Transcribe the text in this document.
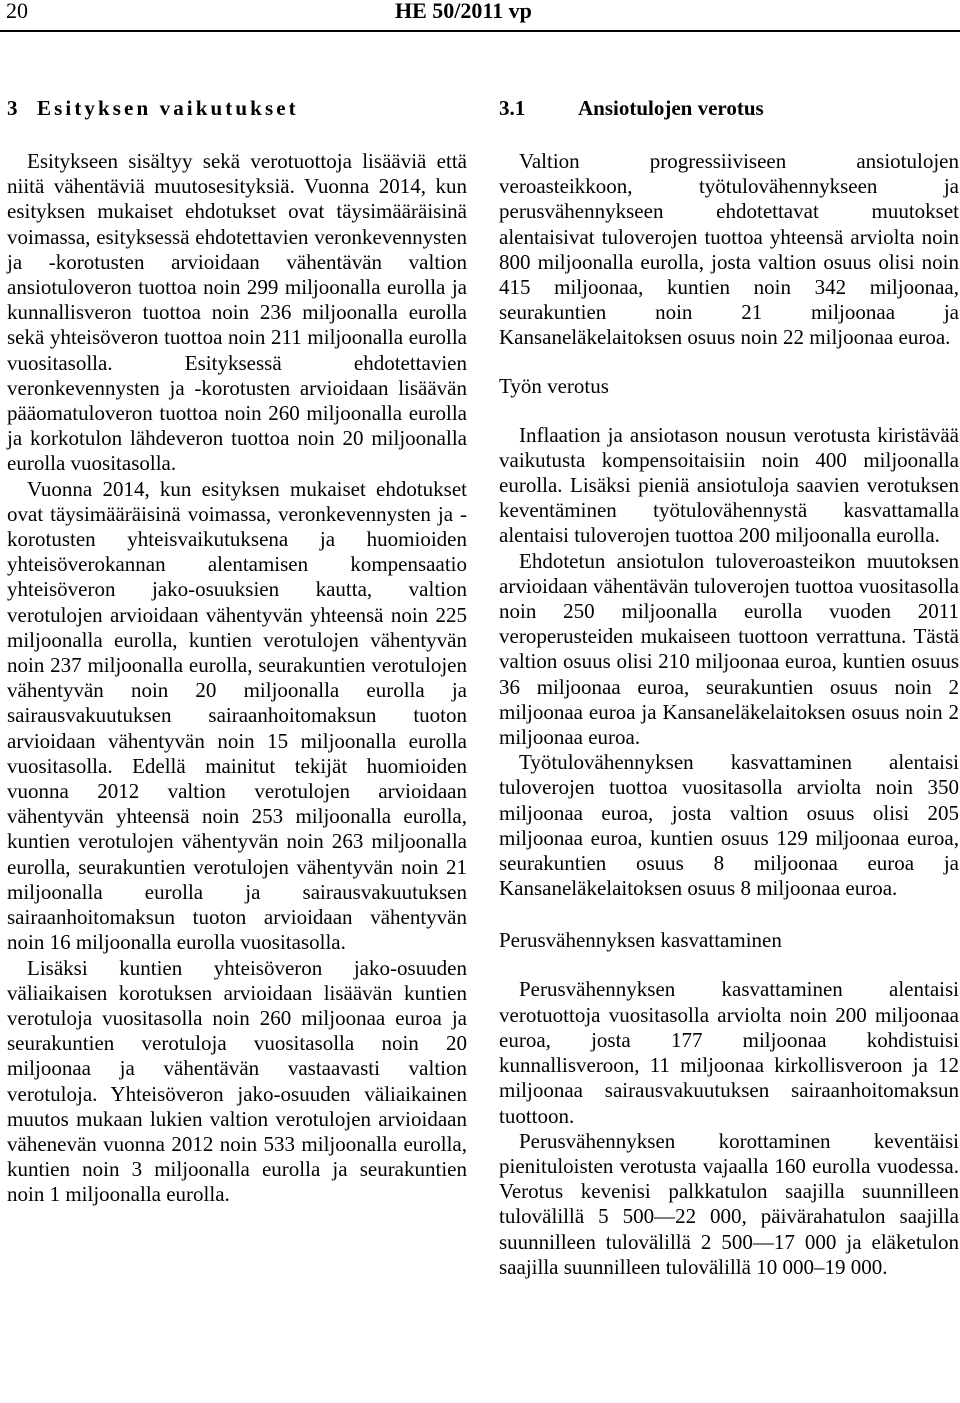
20	HE 50/2011 vp
3 Esityksen vaikutukset

Esitykseen sisältyy sekä verotuottoja lisääviä että niitä vähentäviä muutosesityksiä. Vuonna 2014, kun esityksen mukaiset ehdotukset ovat täysimääräisinä voimassa, esityksessä ehdotettavien veronkevennysten ja -korotusten arvioidaan vähentävän valtion ansiotuloveron tuottoa noin 299 miljoonalla eurolla ja kunnallisveron tuottoa noin 236 miljoonalla eurolla sekä yhteisöveron tuottoa noin 211 miljoonalla eurolla vuositasolla. Esityksessä ehdotettavien veronkevennysten ja -korotusten arvioidaan lisäävän pääomatuloveron tuottoa noin 260 miljoonalla eurolla ja korkotulon lähdeveron tuottoa noin 20 miljoonalla eurolla vuositasolla.

Vuonna 2014, kun esityksen mukaiset ehdotukset ovat täysimääräisinä voimassa, veronkevennysten ja -korotusten yhteisvaikutuksena ja huomioiden yhteisöverokannan alentamisen kompensaatio yhteisöveron jako-osuuksien kautta, valtion verotulojen arvioidaan vähentyvän yhteensä noin 225 miljoonalla eurolla, kuntien verotulojen vähentyvän noin 237 miljoonalla eurolla, seurakuntien verotulojen vähentyvän noin 20 miljoonalla eurolla ja sairausvakuutuksen sairaanhoitomaksun tuoton arvioidaan vähentyvän noin 15 miljoonalla eurolla vuositasolla. Edellä mainitut tekijät huomioiden vuonna 2012 valtion verotulojen arvioidaan vähentyvän yhteensä noin 253 miljoonalla eurolla, kuntien verotulojen vähentyvän noin 263 miljoonalla eurolla, seurakuntien verotulojen vähentyvän noin 21 miljoonalla eurolla ja sairausvakuutuksen sairaanhoitomaksun tuoton arvioidaan vähentyvän noin 16 miljoonalla eurolla vuositasolla.

Lisäksi kuntien yhteisöveron jako-osuuden väliaikaisen korotuksen arvioidaan lisäävän kuntien verotuloja vuositasolla noin 260 miljoonaa euroa ja seurakuntien verotuloja vuositasolla noin 20 miljoonaa ja vähentävän vastaavasti valtion verotuloja. Yhteisöveron jako-osuuden väliaikainen muutos mukaan lukien valtion verotulojen arvioidaan vähenevän vuonna 2012 noin 533 miljoonalla eurolla, kuntien noin 3 miljoonalla eurolla ja seurakuntien noin 1 miljoonalla eurolla.

3.1	Ansiotulojen verotus

Valtion progressiiviseen ansiotulojen veroasteikkoon, työtulovähennykseen ja perusvähennykseen ehdotettavat muutokset alentaisivat tuloverojen tuottoa yhteensä arviolta noin 800 miljoonalla eurolla, josta valtion osuus olisi noin 415 miljoonaa, kuntien noin 342 miljoonaa, seurakuntien noin 21 miljoonaa ja Kansaneläkelaitoksen osuus noin 22 miljoonaa euroa.

Työn verotus

Inflaation ja ansiotason nousun verotusta kiristävää vaikutusta kompensoitaisiin noin 400 miljoonalla eurolla. Lisäksi pieniä ansiotuloja saavien verotuksen keventäminen työtulovähennystä kasvattamalla alentaisi tuloverojen tuottoa 200 miljoonalla eurolla.

Ehdotetun ansiotulon tuloveroasteikon muutoksen arvioidaan vähentävän tuloverojen tuottoa vuositasolla noin 250 miljoonalla eurolla vuoden 2011 veroperusteiden mukaiseen tuottoon verrattuna. Tästä valtion osuus olisi 210 miljoonaa euroa, kuntien osuus 36 miljoonaa euroa, seurakuntien osuus noin 2 miljoonaa euroa ja Kansaneläkelaitoksen osuus noin 2 miljoonaa euroa.

Työtulovähennyksen kasvattaminen alentaisi tuloverojen tuottoa vuositasolla arviolta noin 350 miljoonaa euroa, josta valtion osuus olisi 205 miljoonaa euroa, kuntien osuus 129 miljoonaa euroa, seurakuntien osuus 8 miljoonaa euroa ja Kansaneläkelaitoksen osuus 8 miljoonaa euroa.

Perusvähennyksen kasvattaminen

Perusvähennyksen kasvattaminen alentaisi verotuottoja vuositasolla arviolta noin 200 miljoonaa euroa, josta 177 miljoonaa kohdistuisi kunnallisveroon, 11 miljoonaa kirkollisveroon ja 12 miljoonaa sairausvakuutuksen sairaanhoitomaksun tuottoon.

Perusvähennyksen korottaminen keventäisi pienituloisten verotusta vajaalla 160 eurolla vuodessa. Verotus kevenisi palkkatulon saajilla suunnilleen tulovälillä 5 500—22 000, päivärahatulon saajilla suunnilleen tulovälillä 2 500—17 000 ja eläketulon saajilla suunnilleen tulovälillä 10 000–19 000.
